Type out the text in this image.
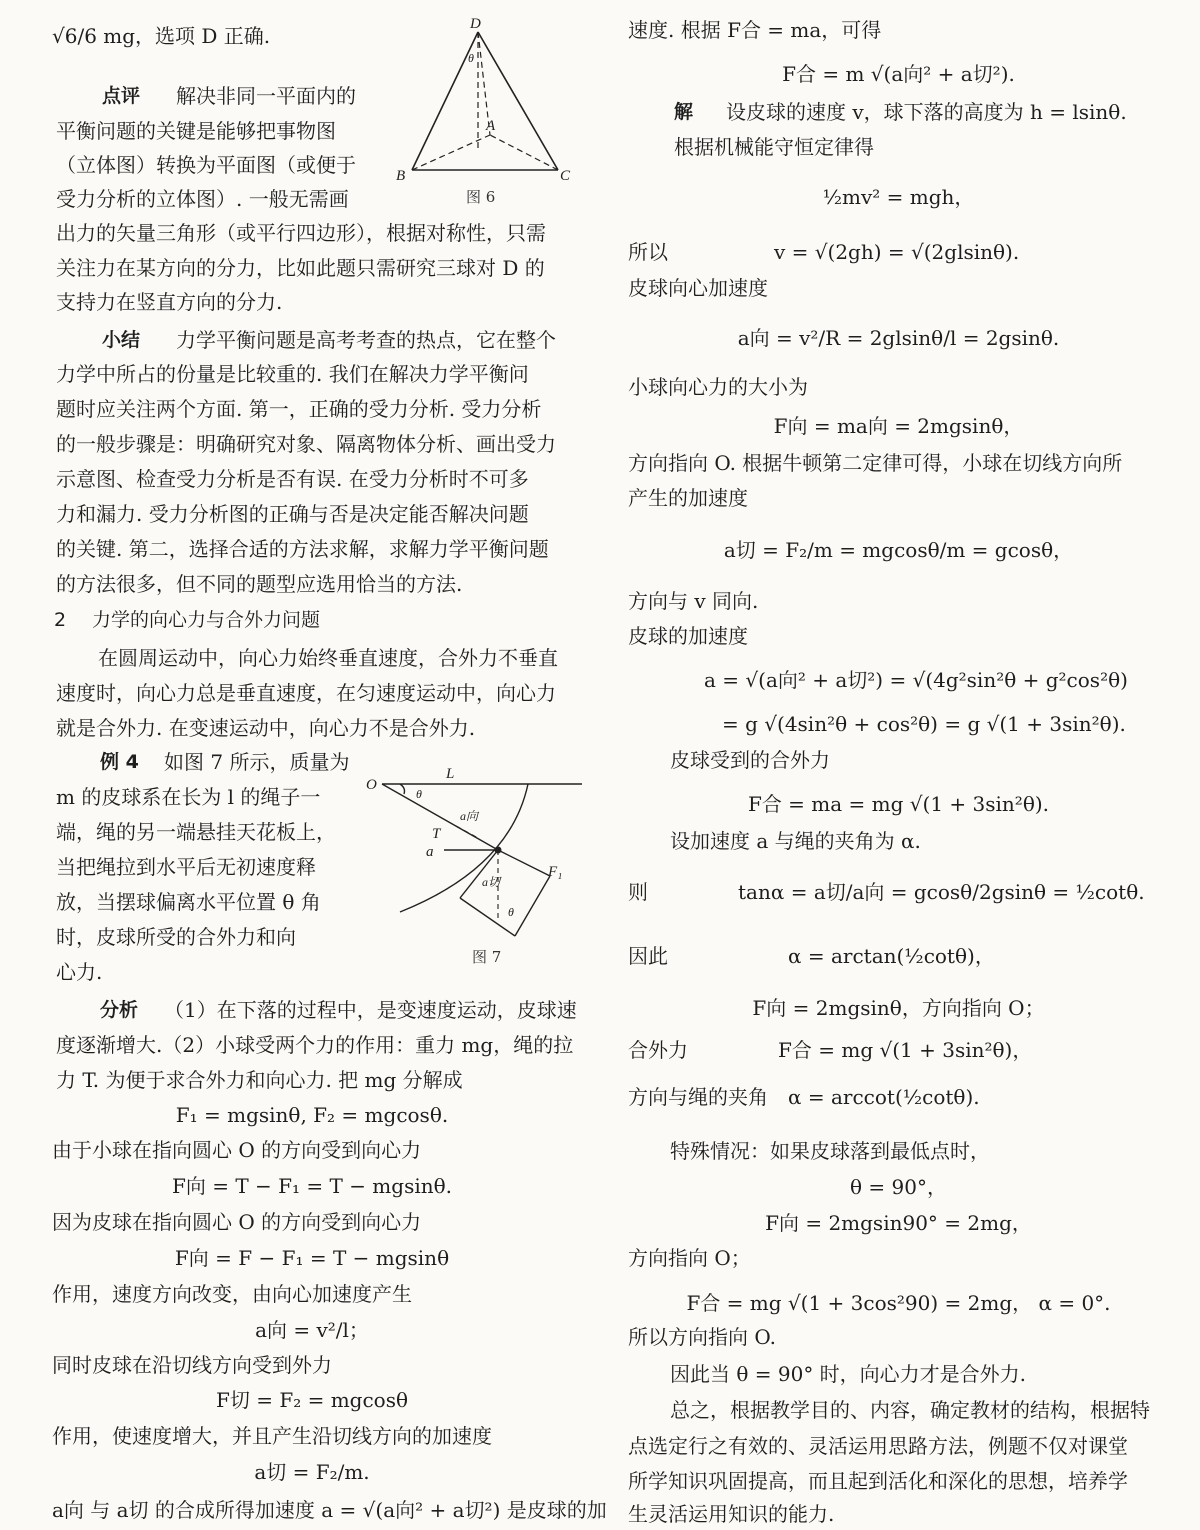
√6/6 mg，选项 D 正确.
点评 解决非同一平面内的
平衡问题的关键是能够把事物图
（立体图）转换为平面图（或便于
受力分析的立体图）. 一般无需画
出力的矢量三角形（或平行四边形），根据对称性，只需
关注力在某方向的分力，比如此题只需研究三球对 D 的
支持力在竖直方向的分力.
小结 力学平衡问题是高考考查的热点，它在整个
力学中所占的份量是比较重的. 我们在解决力学平衡问
题时应关注两个方面. 第一，正确的受力分析. 受力分析
的一般步骤是：明确研究对象、隔离物体分析、画出受力
示意图、检查受力分析是否有误. 在受力分析时不可多
力和漏力. 受力分析图的正确与否是决定能否解决问题
的关键. 第二，选择合适的方法求解，求解力学平衡问题
的方法很多，但不同的题型应选用恰当的方法.
2 力学的向心力与合外力问题
在圆周运动中，向心力始终垂直速度，合外力不垂直
速度时，向心力总是垂直速度，在匀速度运动中，向心力
就是合外力. 在变速运动中，向心力不是合外力.
例 4 如图 7 所示，质量为
m 的皮球系在长为 l 的绳子一
端，绳的另一端悬挂天花板上，
当把绳拉到水平后无初速度释
放，当摆球偏离水平位置 θ 角
时，皮球所受的合外力和向
心力.
分析 （1）在下落的过程中，是变速度运动，皮球速
度逐渐增大.（2）小球受两个力的作用：重力 mg，绳的拉
力 T. 为便于求合外力和向心力. 把 mg 分解成
F₁ = mgsinθ, F₂ = mgcosθ.
由于小球在指向圆心 O 的方向受到向心力
F向 = T − F₁ = T − mgsinθ.
因为皮球在指向圆心 O 的方向受到向心力
F向 = F − F₁ = T − mgsinθ
作用，速度方向改变，由向心加速度产生
a向 = v²/l；
同时皮球在沿切线方向受到外力
F切 = F₂ = mgcosθ
作用，使速度增大，并且产生沿切线方向的加速度
a切 = F₂/m.
a向 与 a切 的合成所得加速度 a = √(a向² + a切²) 是皮球的加
D
θ
A
B	C
图 6
O
L
θ
a向
T
a
F₁
a切
θ
图 7
速度. 根据 F合 = ma，可得
F合 = m √(a向² + a切²).
解 设皮球的速度 v，球下落的高度为 h = lsinθ.
根据机械能守恒定律得
½mv² = mgh，
所以	v = √(2gh) = √(2glsinθ).
皮球向心加速度
a向 = v²/R = 2glsinθ/l = 2gsinθ.
小球向心力的大小为
F向 = ma向 = 2mgsinθ，
方向指向 O. 根据牛顿第二定律可得，小球在切线方向所
产生的加速度
a切 = F₂/m = mgcosθ/m = gcosθ，
方向与 v 同向.
皮球的加速度
a = √(a向² + a切²) = √(4g²sin²θ + g²cos²θ)
= g √(4sin²θ + cos²θ) = g √(1 + 3sin²θ).
皮球受到的合外力
F合 = ma = mg √(1 + 3sin²θ).
设加速度 a 与绳的夹角为 α.
则	tanα = a切/a向 = gcosθ/2gsinθ = ½cotθ.
因此	α = arctan(½cotθ)，
F向 = 2mgsinθ，方向指向 O；
合外力	F合 = mg √(1 + 3sin²θ)，
方向与绳的夹角 α = arccot(½cotθ).
特殊情况：如果皮球落到最低点时，
θ = 90°，
F向 = 2mgsin90° = 2mg，
方向指向 O；
F合 = mg √(1 + 3cos²90) = 2mg， α = 0°.
所以方向指向 O.
因此当 θ = 90° 时，向心力才是合外力.
总之，根据教学目的、内容，确定教材的结构，根据特
点选定行之有效的、灵活运用思路方法，例题不仅对课堂
所学知识巩固提高，而且起到活化和深化的思想，培养学
生灵活运用知识的能力.
